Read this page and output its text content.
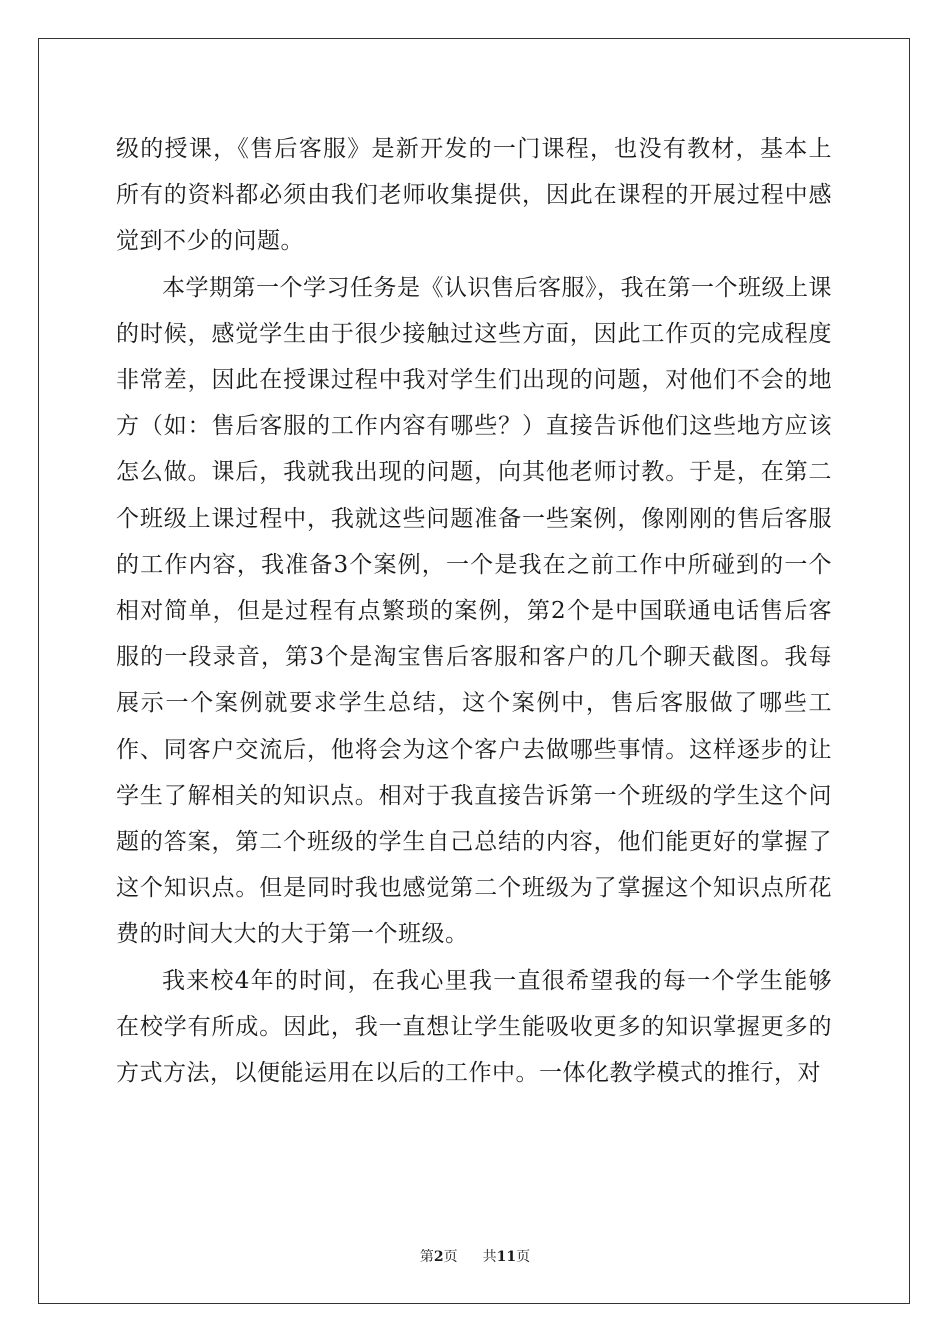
级的授课，《售后客服》是新开发的一门课程，也没有教材，基本上所有的资料都必须由我们老师收集提供，因此在课程的开展过程中感觉到不少的问题。

本学期第一个学习任务是《认识售后客服》，我在第一个班级上课的时候，感觉学生由于很少接触过这些方面，因此工作页的完成程度非常差，因此在授课过程中我对学生们出现的问题，对他们不会的地方（如：售后客服的工作内容有哪些？）直接告诉他们这些地方应该怎么做。课后，我就我出现的问题，向其他老师讨教。于是，在第二个班级上课过程中，我就这些问题准备一些案例，像刚刚的售后客服的工作内容，我准备3个案例，一个是我在之前工作中所碰到的一个相对简单，但是过程有点繁琐的案例，第2个是中国联通电话售后客服的一段录音，第3个是淘宝售后客服和客户的几个聊天截图。我每展示一个案例就要求学生总结，这个案例中，售后客服做了哪些工作、同客户交流后，他将会为这个客户去做哪些事情。这样逐步的让学生了解相关的知识点。相对于我直接告诉第一个班级的学生这个问题的答案，第二个班级的学生自己总结的内容，他们能更好的掌握了这个知识点。但是同时我也感觉第二个班级为了掌握这个知识点所花费的时间大大的大于第一个班级。

我来校4年的时间，在我心里我一直很希望我的每一个学生能够在校学有所成。因此，我一直想让学生能吸收更多的知识掌握更多的方式方法，以便能运用在以后的工作中。一体化教学模式的推行，对

第2页 共11页
